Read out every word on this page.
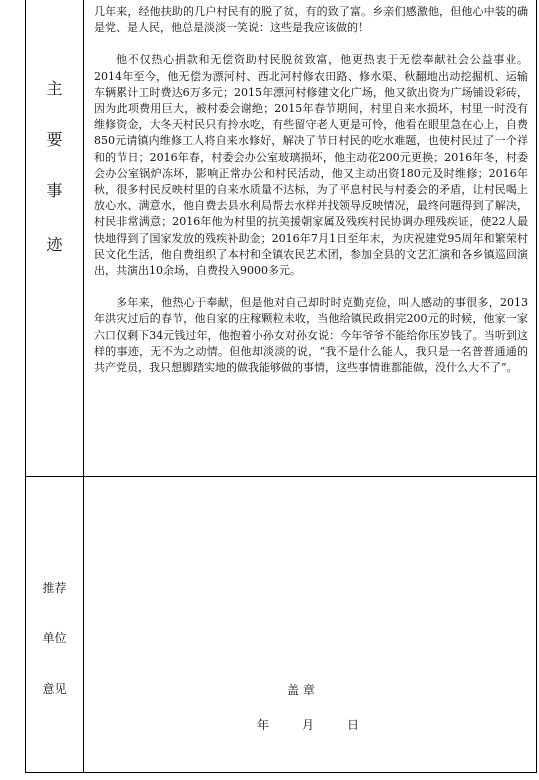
主
要
事
迹
推荐
单位
意见

几年来，经他扶助的几户村民有的脱了贫，有的致了富。乡亲们感激他，但他心中装的确是党、是人民，他总是淡淡一笑说：这些是我应该做的！

他不仅热心捐款和无偿资助村民脱贫致富，他更热衷于无偿奉献社会公益事业。2014年至今，他无偿为漂河村、西北河村修农田路、修水渠、秋翻地出动挖掘机、运输车辆累计工时费达6万多元；2015年漂河村修建文化广场，他又欲出资为广场铺设彩砖，因为此项费用巨大，被村委会谢绝；2015年春节期间，村里自来水损坏，村里一时没有维修资金，大冬天村民只有拎水吃，有些留守老人更是可怜，他看在眼里急在心上，自费850元请镇内维修工人将自来水修好，解决了节日村民的吃水难题，也使村民过了一个祥和的节日；2016年春，村委会办公室玻璃损坏，他主动花200元更换；2016年冬，村委会办公室锅炉冻坏，影响正常办公和村民活动，他又主动出资180元及时维修；2016年秋，很多村民反映村里的自来水质量不达标，为了平息村民与村委会的矛盾，让村民喝上放心水、满意水，他自费去县水利局帮去水样并找领导反映情况，最终问题得到了解决，村民非常满意；2016年他为村里的抗美援朝家属及残疾村民协调办理残疾证，使22人最快地得到了国家发放的残疾补助金；2016年7月1日至年末，为庆祝建党95周年和繁荣村民文化生活，他自费组织了本村和全镇农民艺术团，参加全县的文艺汇演和各乡镇巡回演出，共演出10余场，自费投入9000多元。

多年来，他热心于奉献，但是他对自己却时时克勤克俭，叫人感动的事很多，2013年洪灾过后的春节，他自家的庄稼颗粒未收，当他给镇民政捐完200元的时候，他家一家六口仅剩下34元钱过年，他抱着小孙女对孙女说：今年爷爷不能给你压岁钱了。当听到这样的事迹，无不为之动情。但他却淡淡的说，“我不是什么能人，我只是一名普普通通的共产党员，我只想脚踏实地的做我能够做的事情，这些事情谁都能做，没什么大不了”。

盖 章
年	月	日
